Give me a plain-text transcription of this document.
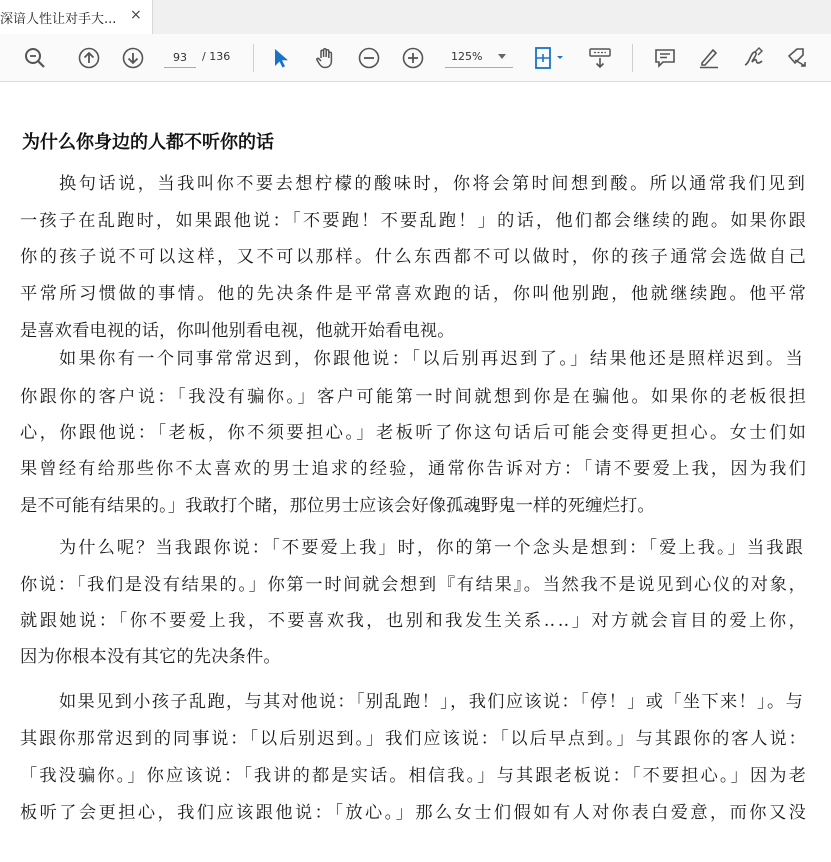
深谙人性让对手大... ×
93	/ 136	125%
为什么你身边的人都不听你的话
换句话说，当我叫你不要去想柠檬的酸味时，你将会第时间想到酸。所以通常我们见到
一孩子在乱跑时，如果跟他说：「不要跑！不要乱跑！」的话，他们都会继续的跑。如果你跟
你的孩子说不可以这样，又不可以那样。什么东西都不可以做时，你的孩子通常会选做自己
平常所习惯做的事情。他的先决条件是平常喜欢跑的话，你叫他别跑，他就继续跑。他平常
是喜欢看电视的话，你叫他别看电视，他就开始看电视。
如果你有一个同事常常迟到，你跟他说：「以后别再迟到了。」结果他还是照样迟到。当
你跟你的客户说：「我没有骗你。」客户可能第一时间就想到你是在骗他。如果你的老板很担
心，你跟他说：「老板，你不须要担心。」老板听了你这句话后可能会变得更担心。女士们如
果曾经有给那些你不太喜欢的男士追求的经验，通常你告诉对方：「请不要爱上我，因为我们
是不可能有结果的。」我敢打个睹，那位男士应该会好像孤魂野鬼一样的死缠烂打。
为什么呢？当我跟你说：「不要爱上我」时，你的第一个念头是想到：「爱上我。」当我跟
你说：「我们是没有结果的。」你第一时间就会想到『有结果』。当然我不是说见到心仪的对象，
就跟她说：「你不要爱上我，不要喜欢我，也别和我发生关系‥‥」对方就会盲目的爱上你，
因为你根本没有其它的先决条件。
如果见到小孩子乱跑，与其对他说：「别乱跑！」，我们应该说：「停！」或「坐下来！」。与
其跟你那常迟到的同事说：「以后别迟到。」我们应该说：「以后早点到。」与其跟你的客人说：
「我没骗你。」你应该说：「我讲的都是实话。相信我。」与其跟老板说：「不要担心。」因为老
板听了会更担心，我们应该跟他说：「放心。」那么女士们假如有人对你表白爱意，而你又没
